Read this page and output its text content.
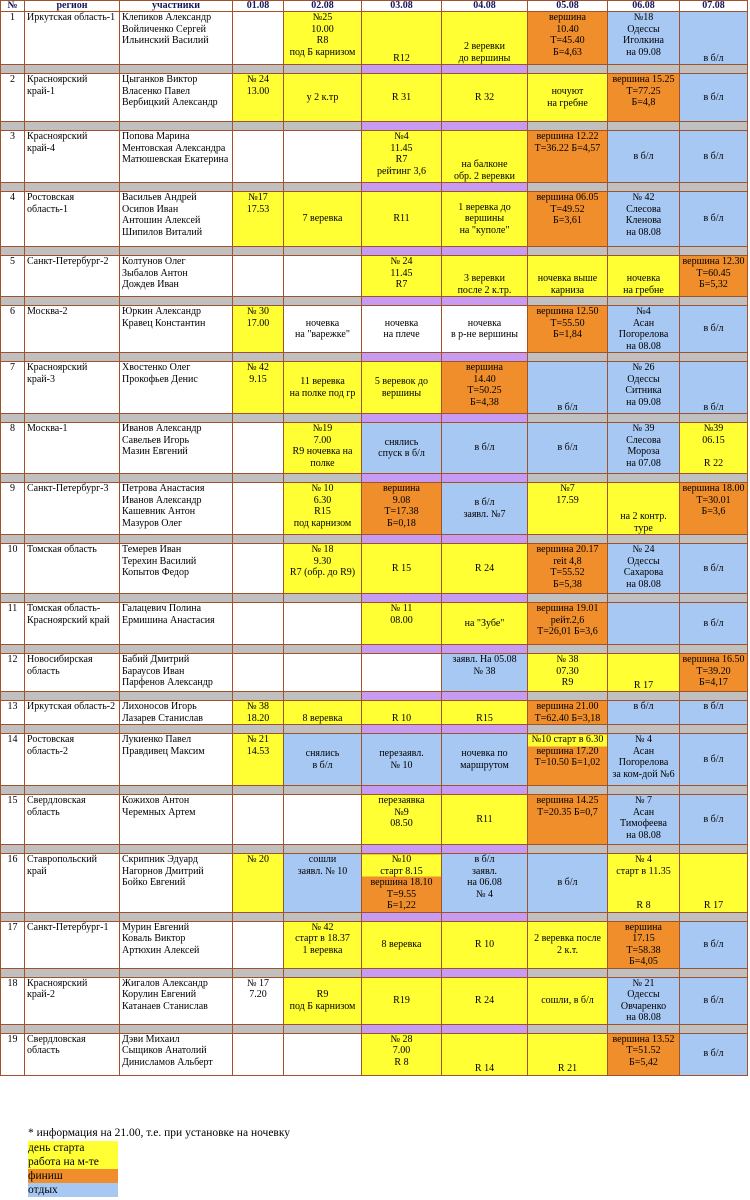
№	регион	участники	01.08	02.08	03.08	04.08	05.08	06.08	07.08
1	Иркутская область-1	Клепиков Александр
Войличенко Сергей
Ильинский Василий		№25
10.00
R8
под Б карнизом	R12	2 веревки
до вершины	вершина
10.40
Т=45.40
Б=4,63	№18
Одессы
Иголкина
на 09.08	в б/л

2	Красноярский край-1	Цыганков Виктор
Власенко Павел
Вербицкий Александр	№ 24
13.00	у 2 к.тр	R 31	R 32	ночуют
на гребне	вершина 15.25
Т=77.25
Б=4,8	в б/л

3	Красноярский край-4	Попова Марина
Ментовская Александра
Матюшевская Екатерина			№4
11.45
R7
рейтинг 3,6	на балконе
обр. 2 веревки	вершина 12.22
Т=36.22 Б=4,57	в б/л	в б/л

4	Ростовская область-1	Васильев Андрей
Осипов Иван
Антошин Алексей
Шипилов Виталий	№17
17.53	7 веревка	R11	1 веревка до
вершины
на "куполе"	вершина 06.05
Т=49.52
Б=3,61	№ 42
Слесова
Кленова
на 08.08	в б/л

5	Санкт-Петербург-2	Колтунов Олег
Зыбалов Антон
Дождев Иван			№ 24
11.45
R7	3 веревки
после 2 к.тр.	ночевка выше
карниза	ночевка
на гребне	вершина 12.30
Т=60.45
Б=5,32

6	Москва-2	Юркин Александр
Кравец Константин	№ 30
17.00	ночевка
на "варежке"	ночевка
на плече	ночевка
в р-не вершины	вершина 12.50
Т=55.50
Б=1,84	№4
Асан
Погорелова
на 08.08	в б/л

7	Красноярский край-3	Хвостенко Олег
Прокофьев Денис	№ 42
9.15	11 веревка
на полке под гр	5 веревок до
вершины	вершина
14.40
Т=50.25
Б=4,38	в б/л	№ 26
Одессы
Ситника
на 09.08	в б/л

8	Москва-1	Иванов Александр
Савельев Игорь
Мазин Евгений		№19
7.00
R9 ночевка на
полке	снялись
спуск в б/л	в б/л	в б/л	№ 39
Слесова
Мороза
на 07.08	№39
06.15

R 22

9	Санкт-Петербург-3	Петрова Анастасия
Иванов Александр
Кашевник Антон
Мазуров Олег		№ 10
6.30
R15
под карнизом	вершина
9.08
Т=17.38
Б=0,18	в б/л
заявл. №7	№7
17.59	на 2 контр.
туре	вершина 18.00
Т=30.01
Б=3,6

10	Томская область	Темерев Иван
Терехин Василий
Копытов Федор		№ 18
9.30
R7 (обр. до R9)	R 15	R 24	вершина 20.17
reit 4,8
Т=55.52
Б=5,38	№ 24
Одессы
Сахарова
на 08.08	в б/л

11	Томская область-Красноярский край	Галацевич Полина
Ермишина Анастасия			№ 11
08.00	на "Зубе"	вершина 19.01
рейт.2,6
Т=26,01 Б=3,6		в б/л

12	Новосибирская область	Бабий Дмитрий
Барауcов Иван
Парфенов Александр				заявл. На 05.08
№ 38	№ 38
07.30
R9	R 17	вершина 16.50
Т=39.20
Б=4,17

13	Иркутская область-2	Лихоносов Игорь
Лазарев Станислав	№ 38
18.20	8 веревка	R 10	R15	вершина 21.00
Т=62.40 Б=3,18	в б/л	в б/л

14	Ростовская область-2	Лукиенко Павел
Правдивец Максим	№ 21
14.53	снялись
в б/л	перезаявл.
№ 10	ночевка по
маршрутом	№10 старт в 6.30
вершина 17.20
Т=10.50 Б=1,02	№ 4
Асан
Погорелова
за ком-дой №6	в б/л

15	Свердловская область	Кожихов Антон
Черемных Артем			перезаявка
№9
08.50	R11	вершина 14.25
Т=20.35 Б=0,7	№ 7
Асан
Тимофеева
на 08.08	в б/л

16	Ставропольский край	Скрипник Эдуард
Нагорнов Дмитрий
Бойко Евгений	№ 20	сошли
заявл. № 10	№10
старт 8.15
вершина 18.10
Т=9.55
Б=1,22	в б/л
заявл.
на 06.08
№ 4	в б/л	№ 4
старт в 11.35

R 8	R 17

17	Санкт-Петербург-1	Мурин Евгений
Коваль Виктор
Артюхин Алексей		№ 42
старт в 18.37
1 веревка	8 веревка	R 10	2 веревка после
2 к.т.	вершина
17.15
Т=58.38
Б=4,05	в б/л

18	Красноярский край-2	Жигалов Александр
Корулин Евгений
Катанаев Станислав	№ 17
7.20	R9
под Б карнизом	R19	R 24	сошли, в б/л	№ 21
Одессы
Овчаренко
на 08.08	в б/л

19	Свердловская область	Дэви Михаил
Сыщиков Анатолий
Динисламов Альберт			№ 28
7.00
R 8	R 14	R 21	вершина 13.52
Т=51.52
Б=5,42	в б/л
* информация на 21.00, т.е. при установке на ночевку
день старта
работа на м-те
финиш
отдых
